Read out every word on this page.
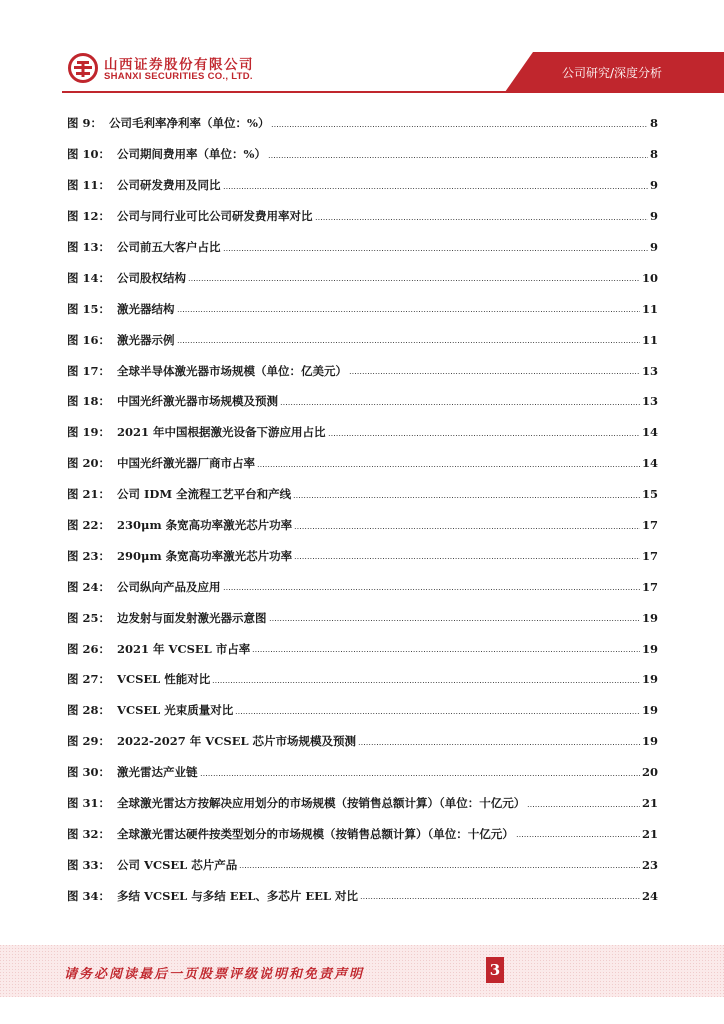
山西证券股份有限公司
SHANXI SECURITIES CO., LTD.	公司研究/深度分析
图 9： 公司毛利率净利率（单位：%）	8
图 10： 公司期间费用率（单位：%）	8
图 11： 公司研发费用及同比	9
图 12： 公司与同行业可比公司研发费用率对比	9
图 13： 公司前五大客户占比	9
图 14： 公司股权结构	10
图 15： 激光器结构	11
图 16： 激光器示例	11
图 17： 全球半导体激光器市场规模（单位：亿美元）	13
图 18： 中国光纤激光器市场规模及预测	13
图 19： 2021 年中国根据激光设备下游应用占比	14
图 20： 中国光纤激光器厂商市占率	14
图 21： 公司 IDM 全流程工艺平台和产线	15
图 22： 230μm 条宽高功率激光芯片功率	17
图 23： 290μm 条宽高功率激光芯片功率	17
图 24： 公司纵向产品及应用	17
图 25： 边发射与面发射激光器示意图	19
图 26： 2021 年 VCSEL 市占率	19
图 27： VCSEL 性能对比	19
图 28： VCSEL 光束质量对比	19
图 29： 2022-2027 年 VCSEL 芯片市场规模及预测	19
图 30： 激光雷达产业链	20
图 31： 全球激光雷达方按解决应用划分的市场规模（按销售总额计算）（单位：十亿元）	21
图 32： 全球激光雷达硬件按类型划分的市场规模（按销售总额计算）（单位：十亿元）	21
图 33： 公司 VCSEL 芯片产品	23
图 34： 多结 VCSEL 与多结 EEL、多芯片 EEL 对比	24
请务必阅读最后一页股票评级说明和免责声明	3
